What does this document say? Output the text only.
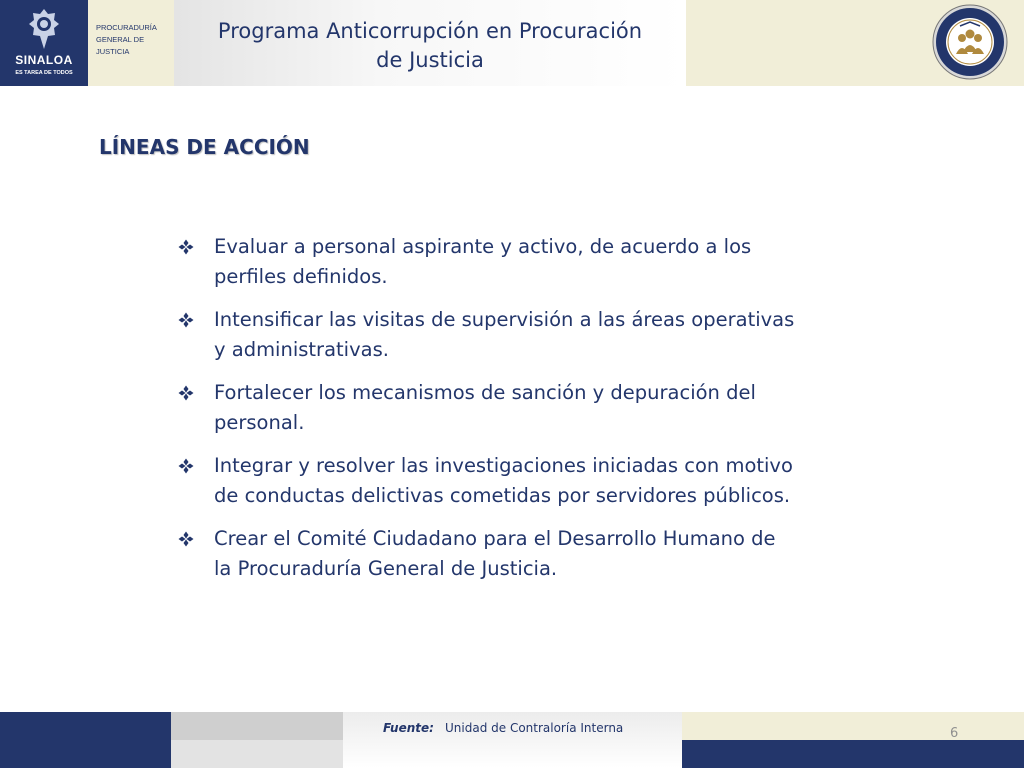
SINALOA
ES TAREA DE TODOS
PROCURADURÍA
GENERAL DE
JUSTICIA
Programa Anticorrupción en Procuración
de Justicia
LÍNEAS DE ACCIÓN
Evaluar a personal aspirante y activo, de acuerdo a los
perfiles definidos.
Intensificar las visitas de supervisión a las áreas operativas
y administrativas.
Fortalecer los mecanismos de sanción y depuración del
personal.
Integrar y resolver las investigaciones iniciadas con motivo
de conductas delictivas cometidas por servidores públicos.
Crear el Comité Ciudadano para el Desarrollo Humano de
la Procuraduría General de Justicia.
Fuente: Unidad de Contraloría Interna	6
